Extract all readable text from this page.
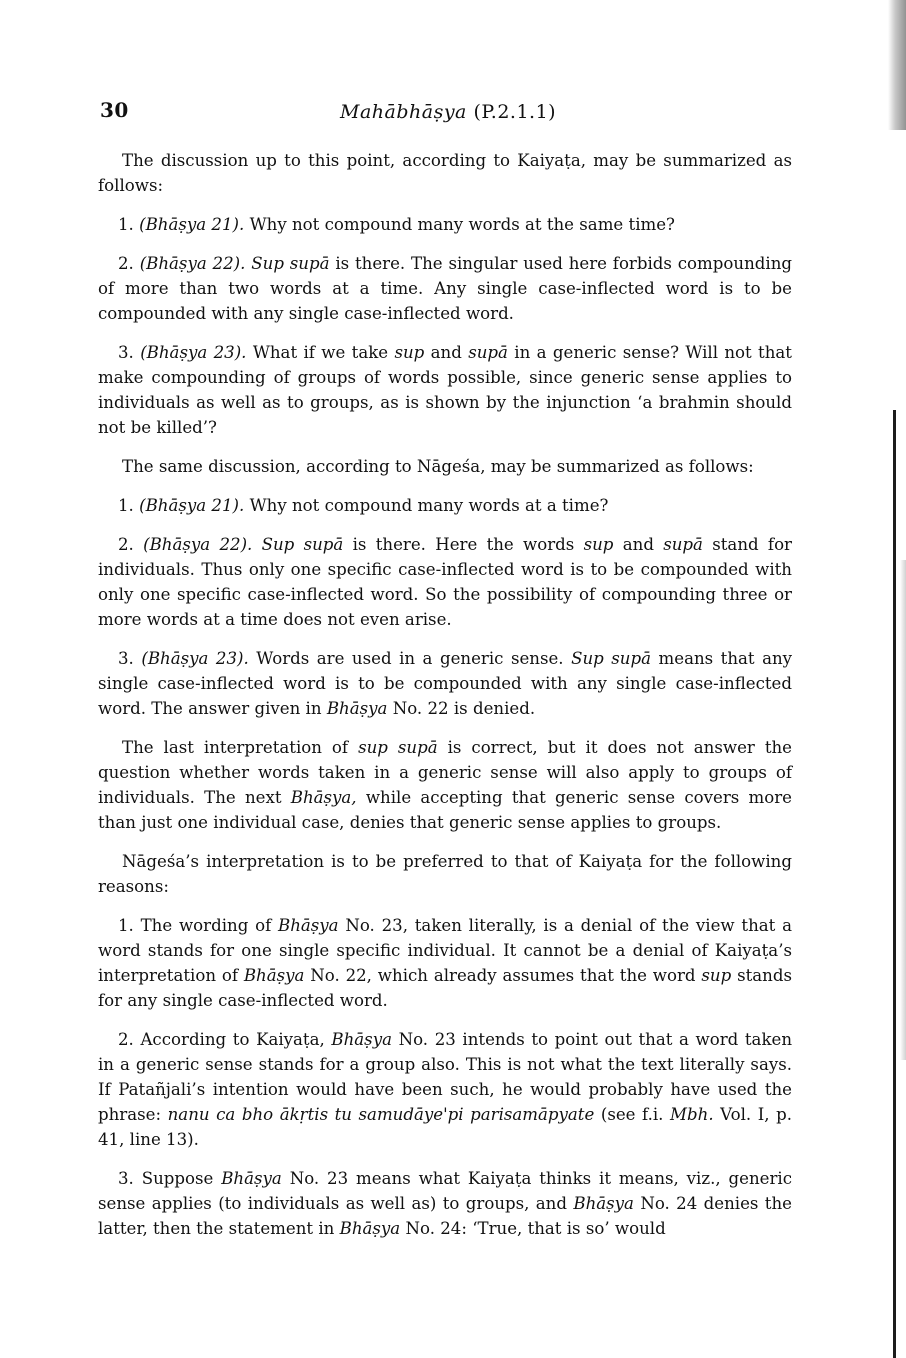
30	Mahābhāṣya (P.2.1.1)

The discussion up to this point, according to Kaiyaṭa, may be summarized as follows:

1. (Bhāṣya 21). Why not compound many words at the same time?

2. (Bhāṣya 22). Sup supā is there. The singular used here forbids compounding of more than two words at a time. Any single case-inflected word is to be compounded with any single case-inflected word.

3. (Bhāṣya 23). What if we take sup and supā in a generic sense? Will not that make compounding of groups of words possible, since generic sense applies to individuals as well as to groups, as is shown by the injunction ‘a brahmin should not be killed’?

The same discussion, according to Nāgeśa, may be summarized as follows:

1. (Bhāṣya 21). Why not compound many words at a time?

2. (Bhāṣya 22). Sup supā is there. Here the words sup and supā stand for individuals. Thus only one specific case-inflected word is to be compounded with only one specific case-inflected word. So the possibility of compounding three or more words at a time does not even arise.

3. (Bhāṣya 23). Words are used in a generic sense. Sup supā means that any single case-inflected word is to be compounded with any single case-inflected word. The answer given in Bhāṣya No. 22 is denied.

The last interpretation of sup supā is correct, but it does not answer the question whether words taken in a generic sense will also apply to groups of individuals. The next Bhāṣya, while accepting that generic sense covers more than just one individual case, denies that generic sense applies to groups.

Nāgeśa’s interpretation is to be preferred to that of Kaiyaṭa for the following reasons:

1. The wording of Bhāṣya No. 23, taken literally, is a denial of the view that a word stands for one single specific individual. It cannot be a denial of Kaiyaṭa’s interpretation of Bhāṣya No. 22, which already assumes that the word sup stands for any single case-inflected word.

2. According to Kaiyaṭa, Bhāṣya No. 23 intends to point out that a word taken in a generic sense stands for a group also. This is not what the text literally says. If Patañjali’s intention would have been such, he would probably have used the phrase: nanu ca bho ākṛtis tu samudāye'pi parisamāpyate (see f.i. Mbh. Vol. I, p. 41, line 13).

3. Suppose Bhāṣya No. 23 means what Kaiyaṭa thinks it means, viz., generic sense applies (to individuals as well as) to groups, and Bhāṣya No. 24 denies the latter, then the statement in Bhāṣya No. 24: ‘True, that is so’ would
